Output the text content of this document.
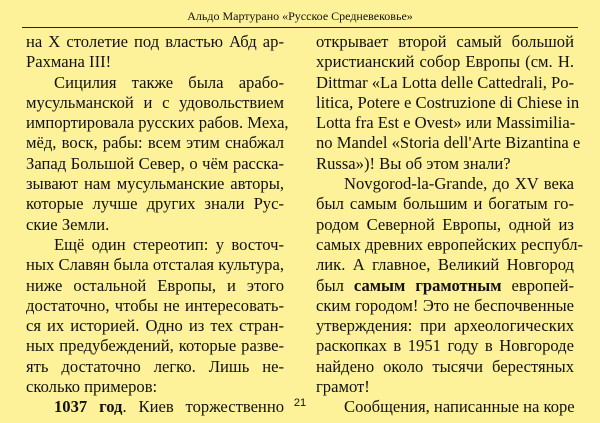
Альдо Мартурано «Русское Средневековье»
на Х столетие под властью Абд ар-
Рахмана III!
Сицилия также была арабо-
мусульманской и с удовольствием
импортировала русских рабов. Меха,
мёд, воск, рабы: всем этим снабжал
Запад Большой Север, о чём расска-
зывают нам мусульманские авторы,
которые лучше других знали Рус-
ские Земли.
Ещё один стереотип: у восточ-
ных Славян была отсталая культура,
ниже остальной Европы, и этого
достаточно, чтобы не интересовать-
ся их историей. Одно из тех стран-
ных предубеждений, которые разве-
ять достаточно легко. Лишь не-
сколько примеров:
1037 год. Киев торжественно
открывает второй самый большой
христианский собор Европы (см. H.
Dittmar «La Lotta delle Cattedrali, Po-
litica, Potere e Costruzione di Chiese in
Lotta fra Est e Ovest» или Massimilia-
no Mandel «Storia dell'Arte Bizantina e
Russa»)! Вы об этом знали?
Novgorod-la-Grande, до XV века
был самым большим и богатым го-
родом Северной Европы, одной из
самых древних европейских республ-
лик. А главное, Великий Новгород
был самым грамотным европей-
ским городом! Это не беспочвенные
утверждения: при археологических
раскопках в 1951 году в Новгороде
найдено около тысячи берестяных
грамот!
Сообщения, написанные на коре
21
